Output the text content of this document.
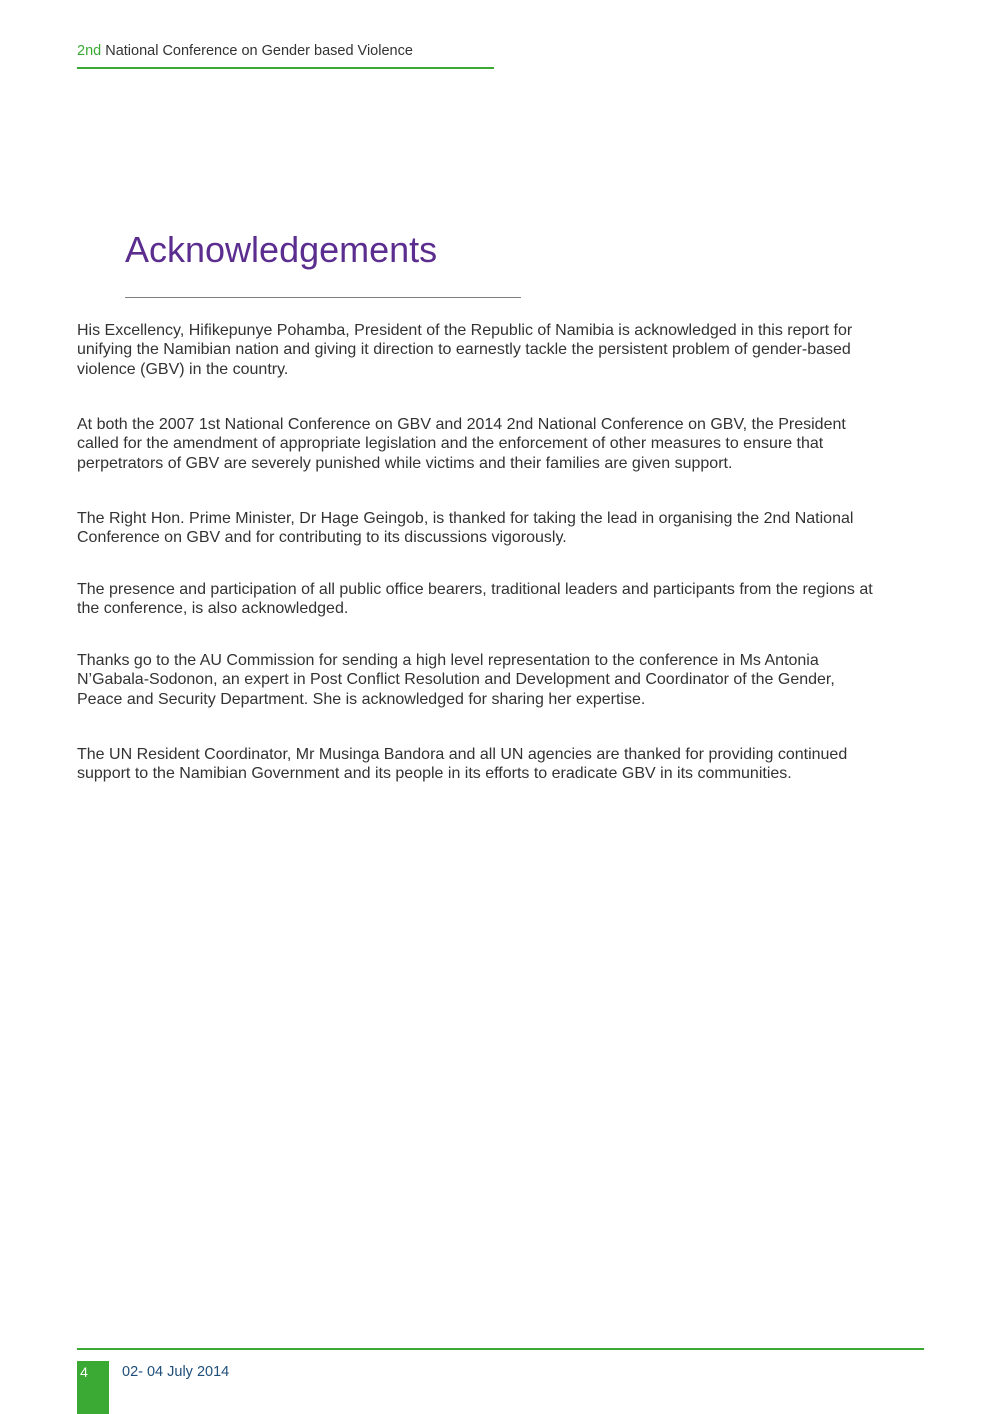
2nd National Conference on Gender based Violence
Acknowledgements

His Excellency, Hifikepunye Pohamba, President of the Republic of Namibia is acknowledged in this report for unifying the Namibian nation and giving it direction to earnestly tackle the persistent problem of gender-based violence (GBV) in the country.

At both the 2007 1st National Conference on GBV and 2014 2nd National Conference on GBV, the President called for the amendment of appropriate legislation and the enforcement of other measures to ensure that perpetrators of GBV are severely punished while victims and their families are given support.

The Right Hon. Prime Minister, Dr Hage Geingob, is thanked for taking the lead in organising the 2nd National Conference on GBV and for contributing to its discussions vigorously.

The presence and participation of all public office bearers, traditional leaders and participants from the regions at the conference, is also acknowledged.

Thanks go to the AU Commission for sending a high level representation to the conference in Ms Antonia N’Gabala-Sodonon, an expert in Post Conflict Resolution and Development and Coordinator of the Gender, Peace and Security Department. She is acknowledged for sharing her expertise.

The UN Resident Coordinator, Mr Musinga Bandora and all UN agencies are thanked for providing continued support to the Namibian Government and its people in its efforts to eradicate GBV in its communities.

4 02- 04 July 2014
